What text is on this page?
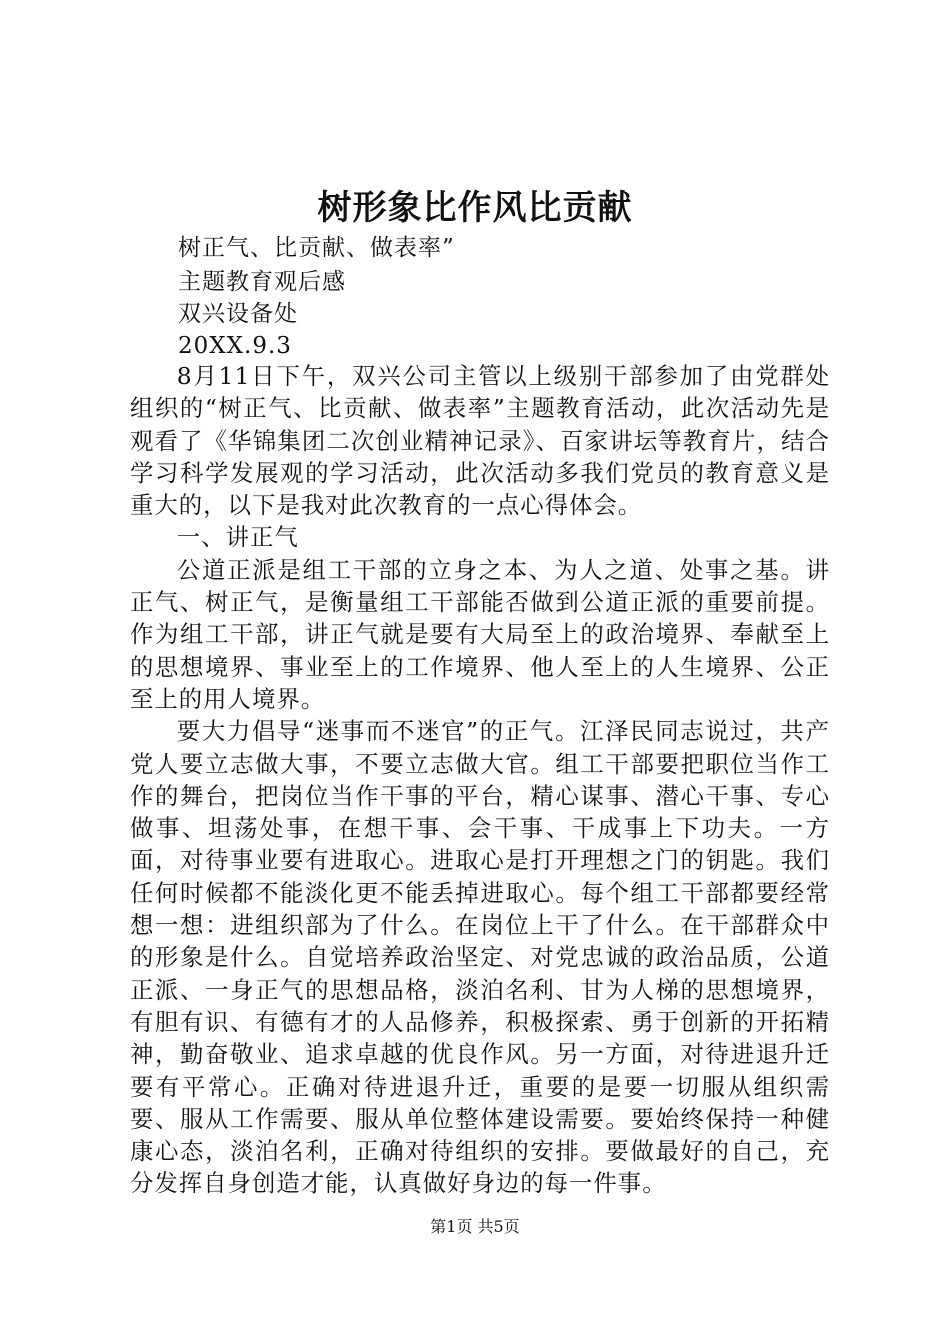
树形象比作风比贡献
树正气、比贡献、做表率”
主题教育观后感
双兴设备处
20XX.9.3

8月11日下午，双兴公司主管以上级别干部参加了由党群处组织的“树正气、比贡献、做表率”主题教育活动，此次活动先是观看了《华锦集团二次创业精神记录》、百家讲坛等教育片，结合学习科学发展观的学习活动，此次活动多我们党员的教育意义是重大的，以下是我对此次教育的一点心得体会。

一、讲正气

公道正派是组工干部的立身之本、为人之道、处事之基。讲正气、树正气，是衡量组工干部能否做到公道正派的重要前提。作为组工干部，讲正气就是要有大局至上的政治境界、奉献至上的思想境界、事业至上的工作境界、他人至上的人生境界、公正至上的用人境界。

要大力倡导“迷事而不迷官”的正气。江泽民同志说过，共产党人要立志做大事，不要立志做大官。组工干部要把职位当作工作的舞台，把岗位当作干事的平台，精心谋事、潜心干事、专心做事、坦荡处事，在想干事、会干事、干成事上下功夫。一方面，对待事业要有进取心。进取心是打开理想之门的钥匙。我们任何时候都不能淡化更不能丢掉进取心。每个组工干部都要经常想一想：进组织部为了什么。在岗位上干了什么。在干部群众中的形象是什么。自觉培养政治坚定、对党忠诚的政治品质，公道正派、一身正气的思想品格，淡泊名利、甘为人梯的思想境界，有胆有识、有德有才的人品修养，积极探索、勇于创新的开拓精神，勤奋敬业、追求卓越的优良作风。另一方面，对待进退升迁要有平常心。正确对待进退升迁，重要的是要一切服从组织需要、服从工作需要、服从单位整体建设需要。要始终保持一种健康心态，淡泊名利，正确对待组织的安排。要做最好的自己，充分发挥自身创造才能，认真做好身边的每一件事。

第1页 共5页
